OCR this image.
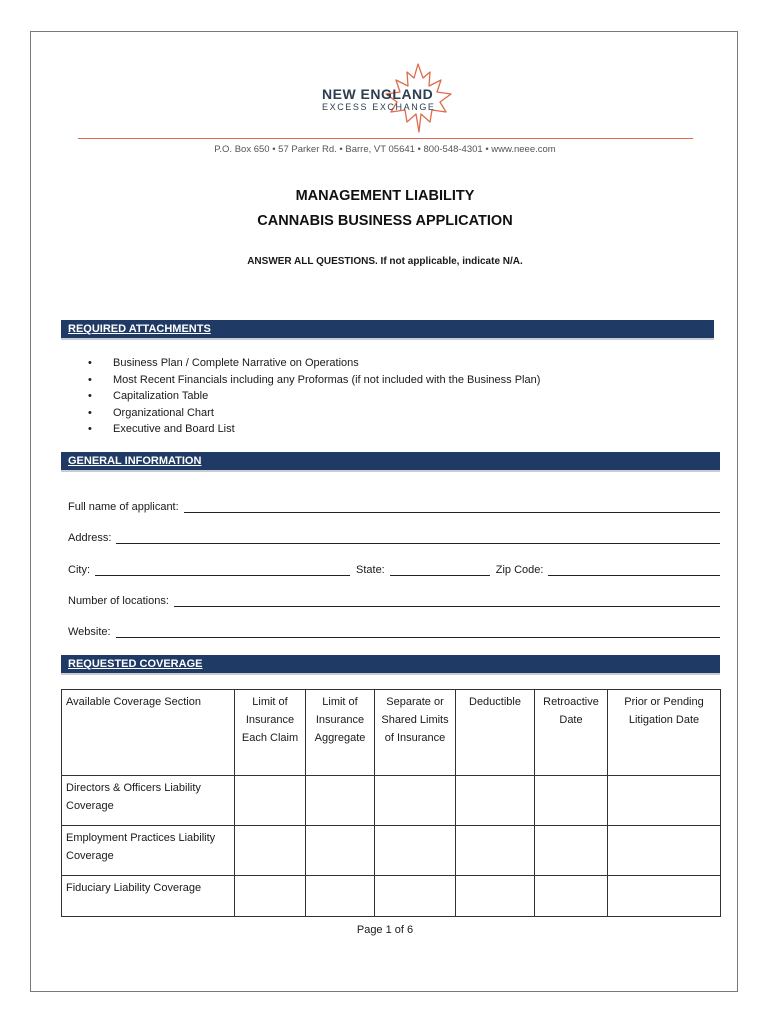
NEW ENGLAND
EXCESS EXCHANGE
P.O. Box 650 • 57 Parker Rd. • Barre, VT 05641 • 800-548-4301 • www.neee.com
MANAGEMENT LIABILITY
CANNABIS BUSINESS APPLICATION
ANSWER ALL QUESTIONS. If not applicable, indicate N/A.
REQUIRED ATTACHMENTS
• Business Plan / Complete Narrative on Operations
• Most Recent Financials including any Proformas (if not included with the Business Plan)
• Capitalization Table
• Organizational Chart
• Executive and Board List
GENERAL INFORMATION
Full name of applicant:
Address:
City:	State:	Zip Code:
Number of locations:
Website:
REQUESTED COVERAGE
Available Coverage Section	Limit of Insurance Each Claim	Limit of Insurance Aggregate	Separate or Shared Limits of Insurance	Deductible	Retroactive Date	Prior or Pending Litigation Date
Directors & Officers Liability Coverage						
Employment Practices Liability Coverage						
Fiduciary Liability Coverage						
Page 1 of 6
